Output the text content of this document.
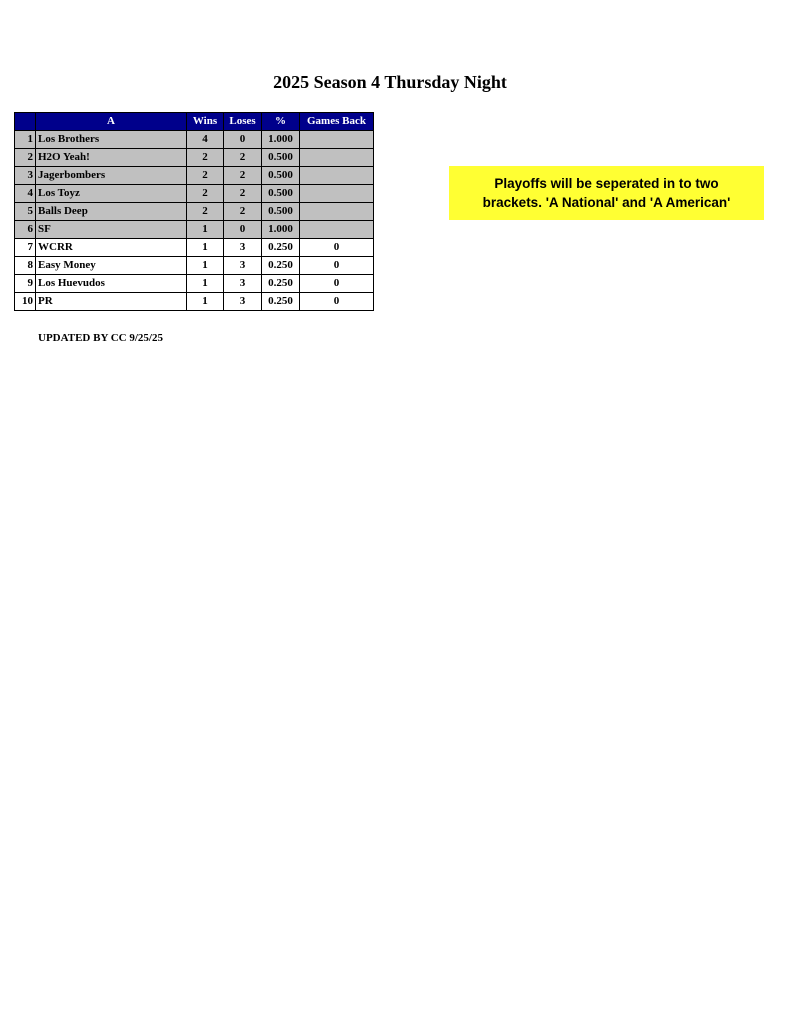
2025 Season 4 Thursday Night
	A	Wins	Loses	%	Games Back
1	Los Brothers	4	0	1.000	
2	H2O Yeah!	2	2	0.500	
3	Jagerbombers	2	2	0.500	
4	Los Toyz	2	2	0.500	
5	Balls Deep	2	2	0.500	
6	SF	1	0	1.000	
7	WCRR	1	3	0.250	0
8	Easy Money	1	3	0.250	0
9	Los Huevudos	1	3	0.250	0
10	PR	1	3	0.250	0
UPDATED BY CC 9/25/25
Playoffs will be seperated in to two
brackets. 'A National' and 'A American'
